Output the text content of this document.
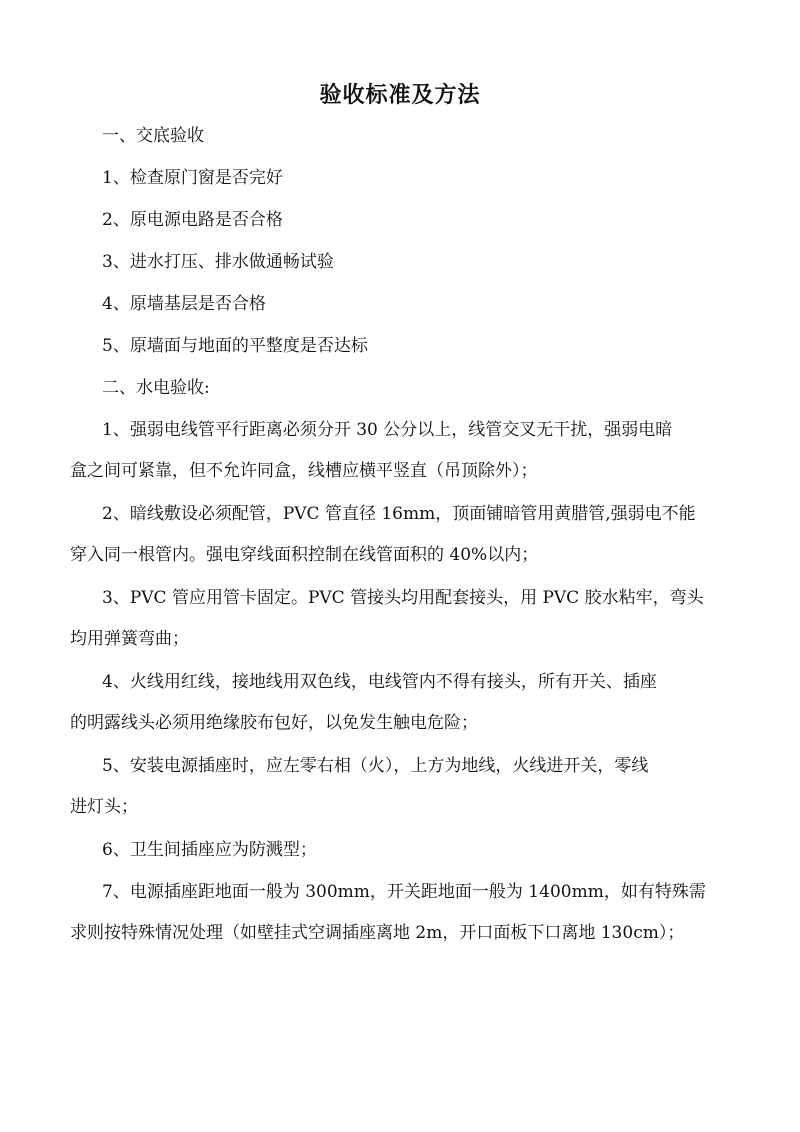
验收标准及方法
一、交底验收
1、检查原门窗是否完好
2、原电源电路是否合格
3、进水打压、排水做通畅试验
4、原墙基层是否合格
5、原墙面与地面的平整度是否达标
二、水电验收:
1、强弱电线管平行距离必须分开 30 公分以上，线管交叉无干扰，强弱电暗
盒之间可紧靠，但不允许同盒，线槽应横平竖直（吊顶除外）；
2、暗线敷设必须配管，PVC 管直径 16mm，顶面铺暗管用黄腊管,强弱电不能
穿入同一根管内。强电穿线面积控制在线管面积的 40%以内；
3、PVC 管应用管卡固定。PVC 管接头均用配套接头，用 PVC 胶水粘牢，弯头
均用弹簧弯曲；
4、火线用红线，接地线用双色线，电线管内不得有接头，所有开关、插座
的明露线头必须用绝缘胶布包好，以免发生触电危险；
5、安装电源插座时，应左零右相（火），上方为地线，火线进开关，零线
进灯头；
6、卫生间插座应为防溅型；
7、电源插座距地面一般为 300mm，开关距地面一般为 1400mm，如有特殊需
求则按特殊情况处理（如壁挂式空调插座离地 2m，开口面板下口离地 130cm）；
